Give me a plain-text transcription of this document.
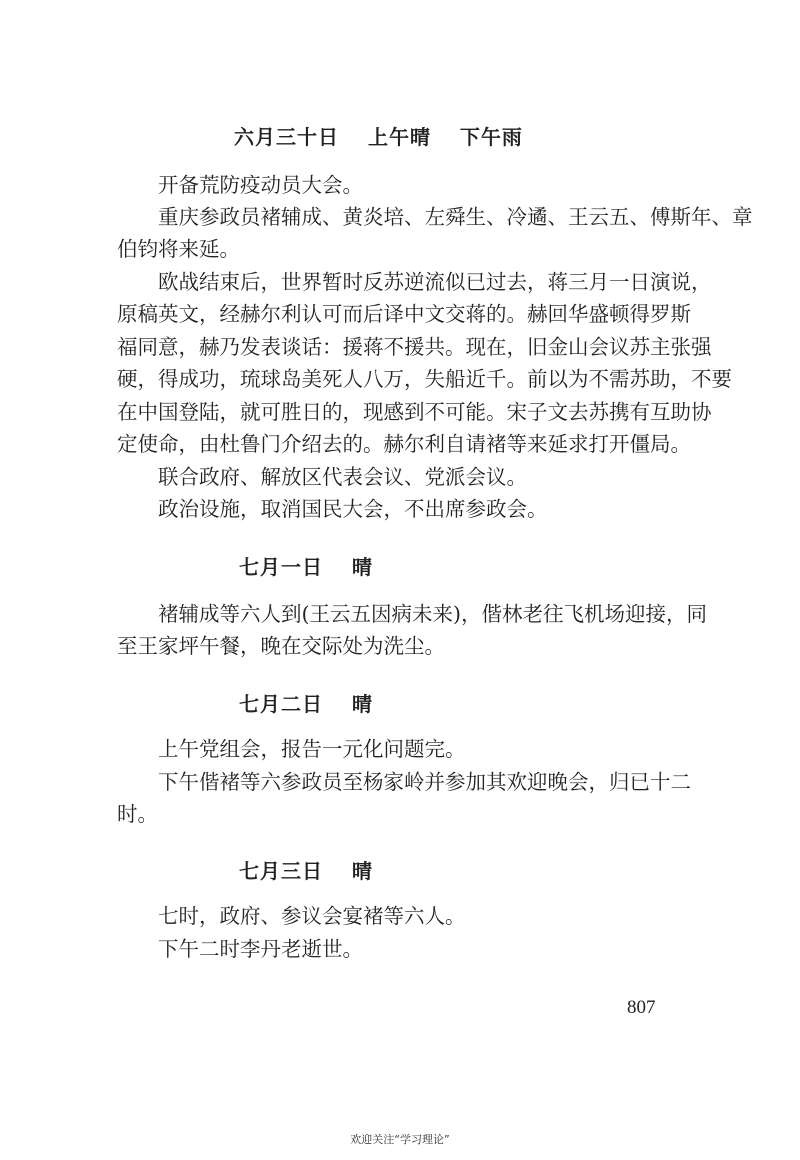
六月三十日　 上午晴　 下午雨
开备荒防疫动员大会。
重庆参政员褚辅成、黄炎培、左舜生、冷遹、王云五、傅斯年、章
伯钧将来延。
欧战结束后，世界暂时反苏逆流似已过去，蒋三月一日演说，
原稿英文，经赫尔利认可而后译中文交蒋的。赫回华盛顿得罗斯
福同意，赫乃发表谈话：援蒋不援共。现在，旧金山会议苏主张强
硬，得成功，琉球岛美死人八万，失船近千。前以为不需苏助，不要
在中国登陆，就可胜日的，现感到不可能。宋子文去苏携有互助协
定使命，由杜鲁门介绍去的。赫尔利自请褚等来延求打开僵局。
联合政府、解放区代表会议、党派会议。
政治设施，取消国民大会，不出席参政会。
七月一日　 晴
褚辅成等六人到(王云五因病未来)，偕林老往飞机场迎接，同
至王家坪午餐，晚在交际处为洗尘。
七月二日　 晴
上午党组会，报告一元化问题完。
下午偕褚等六参政员至杨家岭并参加其欢迎晚会，归已十二
时。
七月三日　 晴
七时，政府、参议会宴褚等六人。
下午二时李丹老逝世。
807
欢迎关注“学习理论”
